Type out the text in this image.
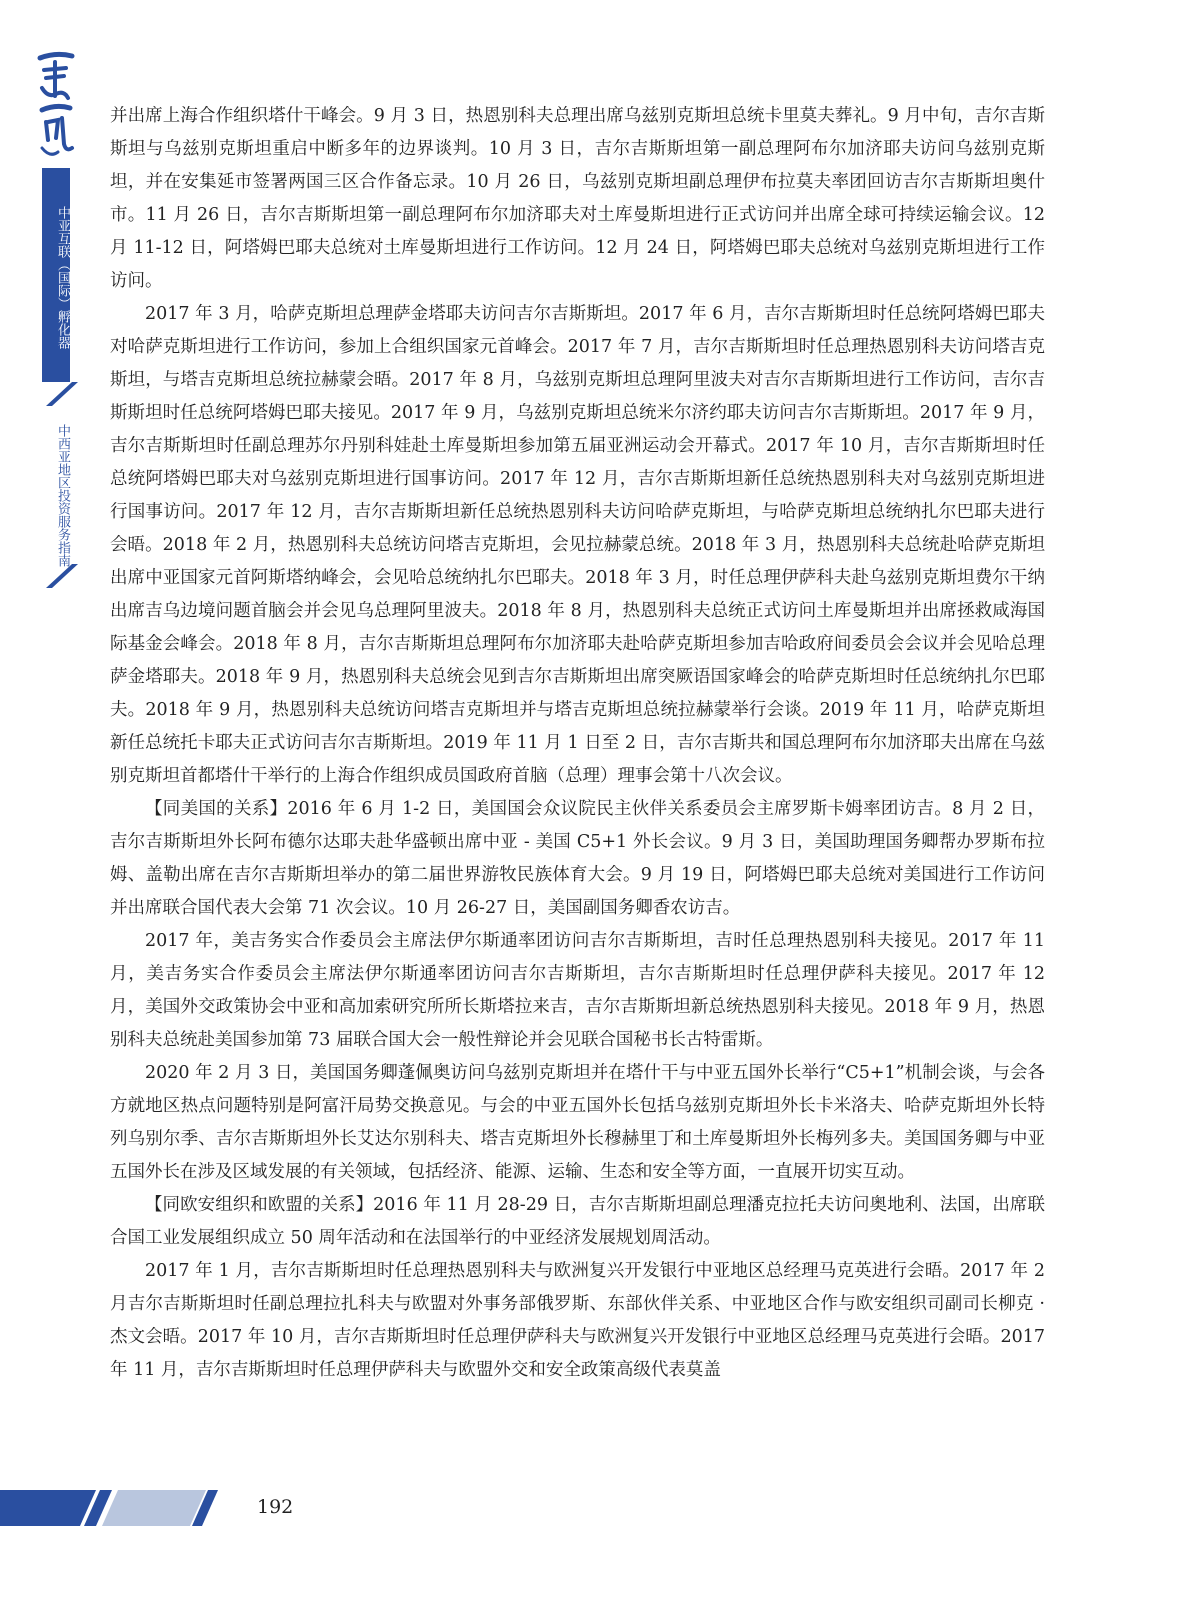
中亚互联（国际）孵化器
中西亚地区投资服务指南

并出席上海合作组织塔什干峰会。9 月 3 日，热恩别科夫总理出席乌兹别克斯坦总统卡里莫夫葬礼。9 月中旬，吉尔吉斯斯坦与乌兹别克斯坦重启中断多年的边界谈判。10 月 3 日，吉尔吉斯斯坦第一副总理阿布尔加济耶夫访问乌兹别克斯坦，并在安集延市签署两国三区合作备忘录。10 月 26 日，乌兹别克斯坦副总理伊布拉莫夫率团回访吉尔吉斯斯坦奥什市。11 月 26 日，吉尔吉斯斯坦第一副总理阿布尔加济耶夫对土库曼斯坦进行正式访问并出席全球可持续运输会议。12 月 11-12 日，阿塔姆巴耶夫总统对土库曼斯坦进行工作访问。12 月 24 日，阿塔姆巴耶夫总统对乌兹别克斯坦进行工作访问。

2017 年 3 月，哈萨克斯坦总理萨金塔耶夫访问吉尔吉斯斯坦。2017 年 6 月，吉尔吉斯斯坦时任总统阿塔姆巴耶夫对哈萨克斯坦进行工作访问，参加上合组织国家元首峰会。2017 年 7 月，吉尔吉斯斯坦时任总理热恩别科夫访问塔吉克斯坦，与塔吉克斯坦总统拉赫蒙会晤。2017 年 8 月，乌兹别克斯坦总理阿里波夫对吉尔吉斯斯坦进行工作访问，吉尔吉斯斯坦时任总统阿塔姆巴耶夫接见。2017 年 9 月，乌兹别克斯坦总统米尔济约耶夫访问吉尔吉斯斯坦。2017 年 9 月，吉尔吉斯斯坦时任副总理苏尔丹别科娃赴土库曼斯坦参加第五届亚洲运动会开幕式。2017 年 10 月，吉尔吉斯斯坦时任总统阿塔姆巴耶夫对乌兹别克斯坦进行国事访问。2017 年 12 月，吉尔吉斯斯坦新任总统热恩别科夫对乌兹别克斯坦进行国事访问。2017 年 12 月，吉尔吉斯斯坦新任总统热恩别科夫访问哈萨克斯坦，与哈萨克斯坦总统纳扎尔巴耶夫进行会晤。2018 年 2 月，热恩别科夫总统访问塔吉克斯坦，会见拉赫蒙总统。2018 年 3 月，热恩别科夫总统赴哈萨克斯坦出席中亚国家元首阿斯塔纳峰会，会见哈总统纳扎尔巴耶夫。2018 年 3 月，时任总理伊萨科夫赴乌兹别克斯坦费尔干纳出席吉乌边境问题首脑会并会见乌总理阿里波夫。2018 年 8 月，热恩别科夫总统正式访问土库曼斯坦并出席拯救咸海国际基金会峰会。2018 年 8 月，吉尔吉斯斯坦总理阿布尔加济耶夫赴哈萨克斯坦参加吉哈政府间委员会会议并会见哈总理萨金塔耶夫。2018 年 9 月，热恩别科夫总统会见到吉尔吉斯斯坦出席突厥语国家峰会的哈萨克斯坦时任总统纳扎尔巴耶夫。2018 年 9 月，热恩别科夫总统访问塔吉克斯坦并与塔吉克斯坦总统拉赫蒙举行会谈。2019 年 11 月，哈萨克斯坦新任总统托卡耶夫正式访问吉尔吉斯斯坦。2019 年 11 月 1 日至 2 日，吉尔吉斯共和国总理阿布尔加济耶夫出席在乌兹别克斯坦首都塔什干举行的上海合作组织成员国政府首脑（总理）理事会第十八次会议。

【同美国的关系】2016 年 6 月 1-2 日，美国国会众议院民主伙伴关系委员会主席罗斯卡姆率团访吉。8 月 2 日，吉尔吉斯斯坦外长阿布德尔达耶夫赴华盛顿出席中亚 - 美国 C5+1 外长会议。9 月 3 日，美国助理国务卿帮办罗斯布拉姆、盖勒出席在吉尔吉斯斯坦举办的第二届世界游牧民族体育大会。9 月 19 日，阿塔姆巴耶夫总统对美国进行工作访问并出席联合国代表大会第 71 次会议。10 月 26-27 日，美国副国务卿香农访吉。

2017 年，美吉务实合作委员会主席法伊尔斯通率团访问吉尔吉斯斯坦，吉时任总理热恩别科夫接见。2017 年 11 月，美吉务实合作委员会主席法伊尔斯通率团访问吉尔吉斯斯坦，吉尔吉斯斯坦时任总理伊萨科夫接见。2017 年 12 月，美国外交政策协会中亚和高加索研究所所长斯塔拉来吉，吉尔吉斯斯坦新总统热恩别科夫接见。2018 年 9 月，热恩别科夫总统赴美国参加第 73 届联合国大会一般性辩论并会见联合国秘书长古特雷斯。

2020 年 2 月 3 日，美国国务卿蓬佩奥访问乌兹别克斯坦并在塔什干与中亚五国外长举行“C5+1”机制会谈，与会各方就地区热点问题特别是阿富汗局势交换意见。与会的中亚五国外长包括乌兹别克斯坦外长卡米洛夫、哈萨克斯坦外长特列乌别尔季、吉尔吉斯斯坦外长艾达尔别科夫、塔吉克斯坦外长穆赫里丁和土库曼斯坦外长梅列多夫。美国国务卿与中亚五国外长在涉及区域发展的有关领域，包括经济、能源、运输、生态和安全等方面，一直展开切实互动。

【同欧安组织和欧盟的关系】2016 年 11 月 28-29 日，吉尔吉斯斯坦副总理潘克拉托夫访问奥地利、法国，出席联合国工业发展组织成立 50 周年活动和在法国举行的中亚经济发展规划周活动。

2017 年 1 月，吉尔吉斯斯坦时任总理热恩别科夫与欧洲复兴开发银行中亚地区总经理马克英进行会晤。2017 年 2 月吉尔吉斯斯坦时任副总理拉扎科夫与欧盟对外事务部俄罗斯、东部伙伴关系、中亚地区合作与欧安组织司副司长柳克 · 杰文会晤。2017 年 10 月，吉尔吉斯斯坦时任总理伊萨科夫与欧洲复兴开发银行中亚地区总经理马克英进行会晤。2017 年 11 月，吉尔吉斯斯坦时任总理伊萨科夫与欧盟外交和安全政策高级代表莫盖

192
